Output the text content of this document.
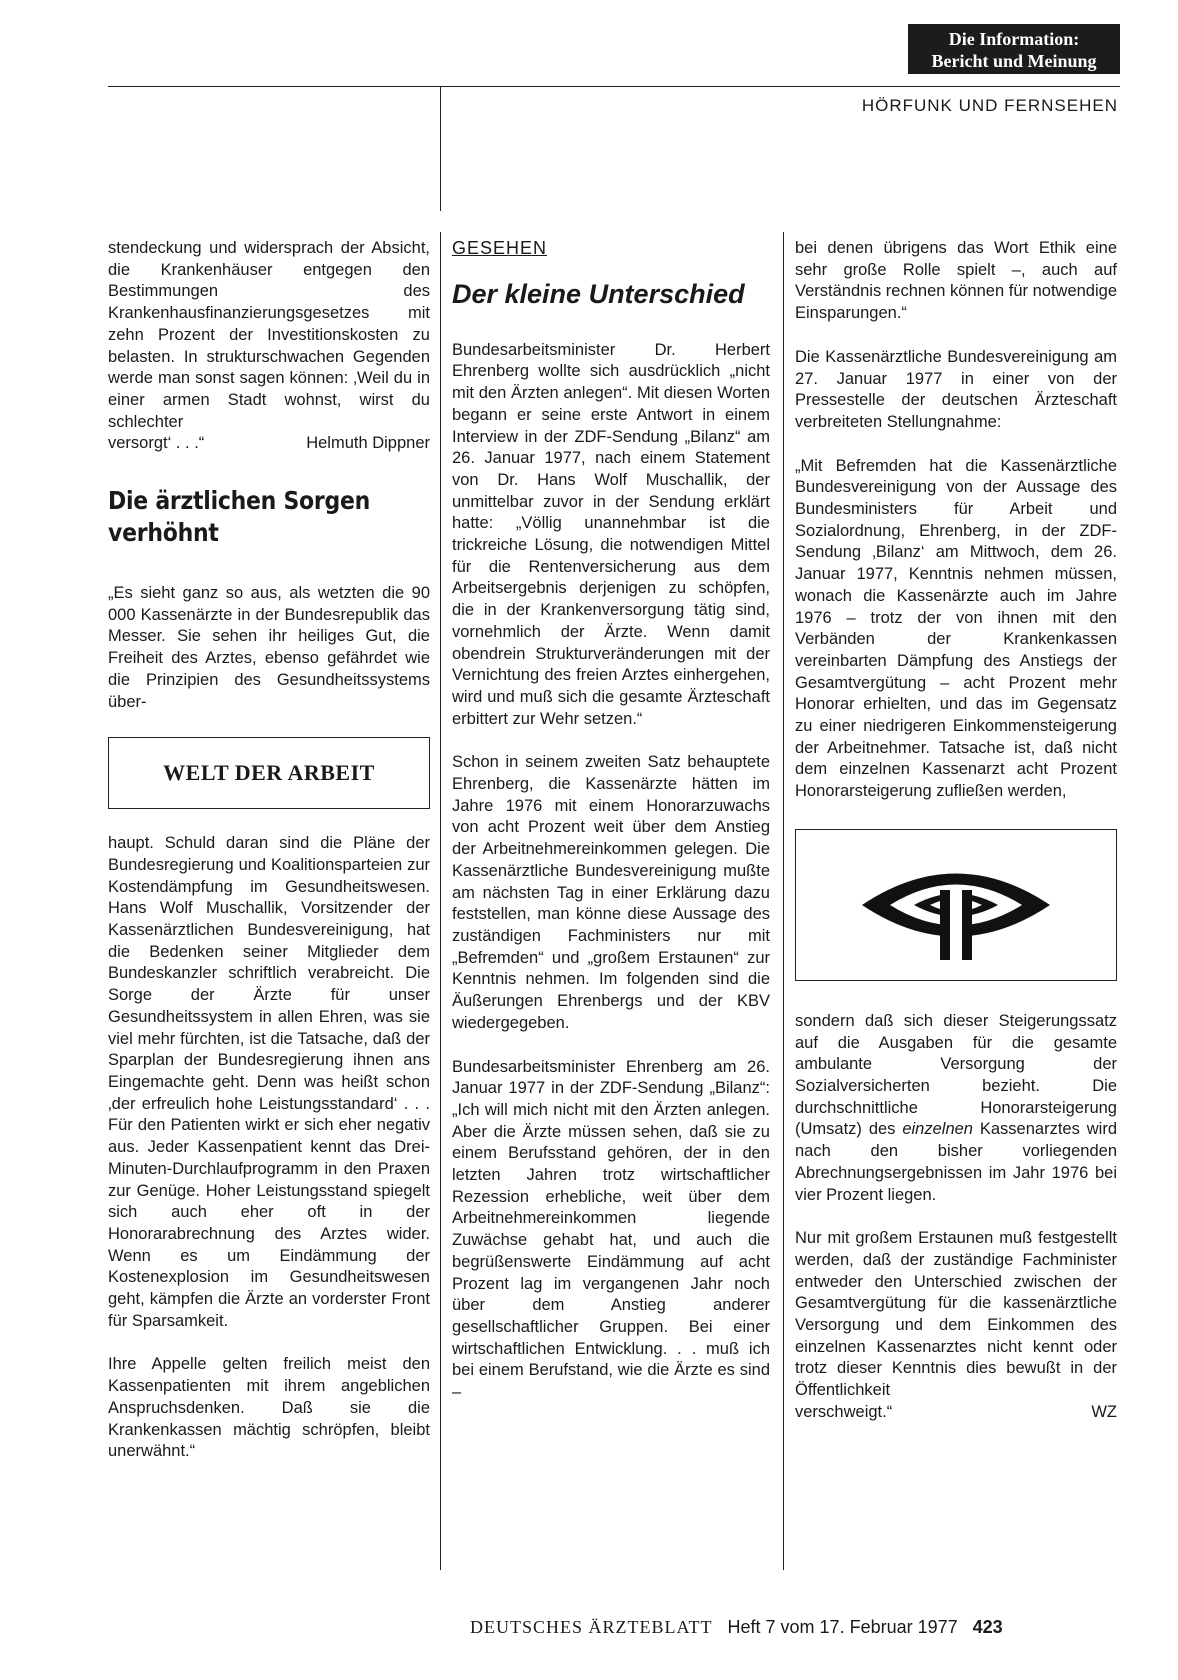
Die Information:
Bericht und Meinung
HÖRFUNK UND FERNSEHEN

stendeckung und widersprach der Absicht, die Krankenhäuser entgegen den Bestimmungen des Krankenhausfinanzierungsgesetzes mit zehn Prozent der Investitionskosten zu belasten. In strukturschwachen Gegenden werde man sonst sagen können: ‚Weil du in einer armen Stadt wohnst, wirst du schlechter

versorgt‘ . . .“	Helmuth Dippner
Die ärztlichen Sorgen verhöhnt

„Es sieht ganz so aus, als wetzten die 90 000 Kassenärzte in der Bundesrepublik das Messer. Sie sehen ihr heiliges Gut, die Freiheit des Arztes, ebenso gefährdet wie die Prinzipien des Gesundheitssystems über-

WELT DER ARBEIT

haupt. Schuld daran sind die Pläne der Bundesregierung und Koalitionsparteien zur Kostendämpfung im Gesundheitswesen. Hans Wolf Muschallik, Vorsitzender der Kassenärztlichen Bundesvereinigung, hat die Bedenken seiner Mitglieder dem Bundeskanzler schriftlich verabreicht. Die Sorge der Ärzte für unser Gesundheitssystem in allen Ehren, was sie viel mehr fürchten, ist die Tatsache, daß der Sparplan der Bundesregierung ihnen ans Eingemachte geht. Denn was heißt schon ‚der erfreulich hohe Leistungsstandard‘ . . . Für den Patienten wirkt er sich eher negativ aus. Jeder Kassenpatient kennt das Drei-Minuten-Durchlaufprogramm in den Praxen zur Genüge. Hoher Leistungsstand spiegelt sich auch eher oft in der Honorarabrechnung des Arztes wider. Wenn es um Eindämmung der Kostenexplosion im Gesundheitswesen geht, kämpfen die Ärzte an vorderster Front für Sparsamkeit.

Ihre Appelle gelten freilich meist den Kassenpatienten mit ihrem angeblichen Anspruchsdenken. Daß sie die Krankenkassen mächtig schröpfen, bleibt unerwähnt.“

GESEHEN
Der kleine Unterschied

Bundesarbeitsminister Dr. Herbert Ehrenberg wollte sich ausdrücklich „nicht mit den Ärzten anlegen“. Mit diesen Worten begann er seine erste Antwort in einem Interview in der ZDF-Sendung „Bilanz“ am 26. Januar 1977, nach einem Statement von Dr. Hans Wolf Muschallik, der unmittelbar zuvor in der Sendung erklärt hatte: „Völlig unannehmbar ist die trickreiche Lösung, die notwendigen Mittel für die Rentenversicherung aus dem Arbeitsergebnis derjenigen zu schöpfen, die in der Krankenversorgung tätig sind, vornehmlich der Ärzte. Wenn damit obendrein Strukturveränderungen mit der Vernichtung des freien Arztes einhergehen, wird und muß sich die gesamte Ärzteschaft erbittert zur Wehr setzen.“

Schon in seinem zweiten Satz behauptete Ehrenberg, die Kassenärzte hätten im Jahre 1976 mit einem Honorarzuwachs von acht Prozent weit über dem Anstieg der Arbeitnehmereinkommen gelegen. Die Kassenärztliche Bundesvereinigung mußte am nächsten Tag in einer Erklärung dazu feststellen, man könne diese Aussage des zuständigen Fachministers nur mit „Befremden“ und „großem Erstaunen“ zur Kenntnis nehmen. Im folgenden sind die Äußerungen Ehrenbergs und der KBV wiedergegeben.

Bundesarbeitsminister Ehrenberg am 26. Januar 1977 in der ZDF-Sendung „Bilanz“: „Ich will mich nicht mit den Ärzten anlegen. Aber die Ärzte müssen sehen, daß sie zu einem Berufsstand gehören, der in den letzten Jahren trotz wirtschaftlicher Rezession erhebliche, weit über dem Arbeitnehmereinkommen liegende Zuwächse gehabt hat, und auch die begrüßenswerte Eindämmung auf acht Prozent lag im vergangenen Jahr noch über dem Anstieg anderer gesellschaftlicher Gruppen. Bei einer wirtschaftlichen Entwicklung. . . muß ich bei einem Berufstand, wie die Ärzte es sind –

bei denen übrigens das Wort Ethik eine sehr große Rolle spielt –, auch auf Verständnis rechnen können für notwendige Einsparungen.“

Die Kassenärztliche Bundesvereinigung am 27. Januar 1977 in einer von der Pressestelle der deutschen Ärzteschaft verbreiteten Stellungnahme:

„Mit Befremden hat die Kassenärztliche Bundesvereinigung von der Aussage des Bundesministers für Arbeit und Sozialordnung, Ehrenberg, in der ZDF-Sendung ‚Bilanz‘ am Mittwoch, dem 26. Januar 1977, Kenntnis nehmen müssen, wonach die Kassenärzte auch im Jahre 1976 – trotz der von ihnen mit den Verbänden der Krankenkassen vereinbarten Dämpfung des Anstiegs der Gesamtvergütung – acht Prozent mehr Honorar erhielten, und das im Gegensatz zu einer niedrigeren Einkommensteigerung der Arbeitnehmer. Tatsache ist, daß nicht dem einzelnen Kassenarzt acht Prozent Honorarsteigerung zufließen werden,

sondern daß sich dieser Steigerungssatz auf die Ausgaben für die gesamte ambulante Versorgung der Sozialversicherten bezieht. Die durchschnittliche Honorarsteigerung (Umsatz) des einzelnen Kassenarztes wird nach den bisher vorliegenden Abrechnungsergebnissen im Jahr 1976 bei vier Prozent liegen.

Nur mit großem Erstaunen muß festgestellt werden, daß der zuständige Fachminister entweder den Unterschied zwischen der Gesamtvergütung für die kassenärztliche Versorgung und dem Einkommen des einzelnen Kassenarztes nicht kennt oder trotz dieser Kenntnis dies bewußt in der Öffentlichkeit

verschweigt.“	WZ
DEUTSCHES ÄRZTEBLATT Heft 7 vom 17. Februar 1977 423
